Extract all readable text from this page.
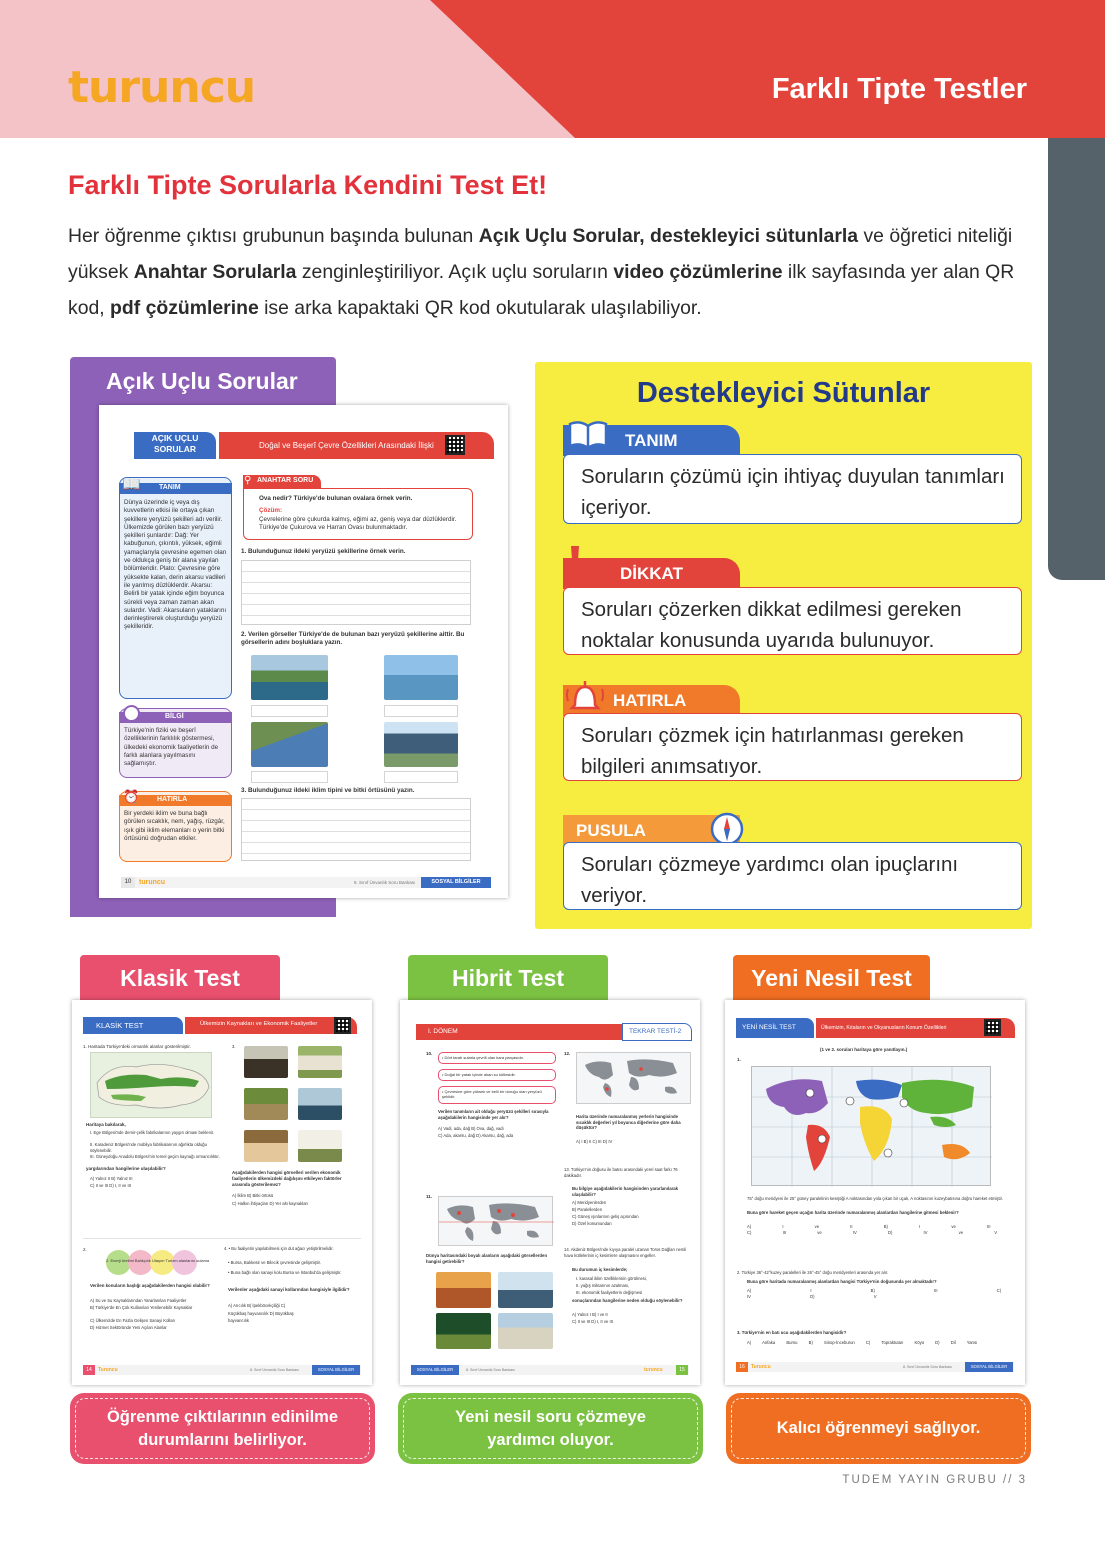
turuncu	Farklı Tipte Testler
Farklı Tipte Sorularla Kendini Test Et!
Her öğrenme çıktısı grubunun başında bulunan Açık Uçlu Sorular, destekleyici sütunlarla ve öğretici niteliği yüksek Anahtar Sorularla zenginleştiriliyor. Açık uçlu soruların video çözümlerine ilk sayfasında yer alan QR kod, pdf çözümlerine ise arka kapaktaki QR kod okutularak ulaşılabiliyor.
Açık Uçlu Sorular
AÇIK UÇLU SORULAR	Doğal ve Beşerî Çevre Özellikleri Arasındaki İlişki
📖	TANIM
Dünya üzerinde iç veya dış kuvvetlerin etkisi ile ortaya çıkan şekillere yeryüzü şekilleri adı verilir. Ülkemizde görülen bazı yeryüzü şekilleri şunlardır: Dağ: Yer kabuğunun, çıkıntılı, yüksek, eğimli yamaçlarıyla çevresine egemen olan ve oldukça geniş bir alana yayılan bölümleridir. Plato: Çevresine göre yüksekte kalan, derin akarsu vadileri ile yarılmış düzlüklerdir. Akarsu: Belirli bir yatak içinde eğim boyunca sürekli veya zaman zaman akan sulardır. Vadi: Akarsuların yataklarını derinleştirerek oluşturduğu yeryüzü şekilleridir.
BİLGİ
Türkiye'nin fiziki ve beşerî özelliklerinin farklılık göstermesi, ülkedeki ekonomik faaliyetlerin de farklı alanlara yayılmasını sağlamıştır.
⏰	HATIRLA
Bir yerdeki iklim ve buna bağlı görülen sıcaklık, nem, yağış, rüzgâr, ışık gibi iklim elemanları o yerin bitki örtüsünü doğrudan etkiler.
⚲ ANAHTAR SORU
Ova nedir? Türkiye'de bulunan ovalara örnek verin.
Çözüm:
Çevrelerine göre çukurda kalmış, eğimi az, geniş veya dar düzlüklerdir. Türkiye'de Çukurova ve Harran Ovası bulunmaktadır.
1. Bulunduğunuz ildeki yeryüzü şekillerine örnek verin.
2. Verilen görseller Türkiye'de de bulunan bazı yeryüzü şekillerine aittir. Bu görsellerin adını boşluklara yazın.
3. Bulunduğunuz ildeki iklim tipini ve bitki örtüsünü yazın.
10	turuncu	8. Sınıf Ünvanlık Soru Bankası	SOSYAL BİLGİLER
Destekleyici Sütunlar
TANIM
Soruların çözümü için ihtiyaç duyulan tanımları içeriyor.
DİKKAT
Soruları çözerken dikkat edilmesi gereken noktalar konusunda uyarıda bulunuyor.
HATIRLA
Soruları çözmek için hatırlanması gereken bilgileri anımsatıyor.
PUSULA
Soruları çözmeye yardımcı olan ipuçlarını veriyor.
Klasik Test
KLASİK TEST	Ülkemizin Kaynakları ve Ekonomik Faaliyetler
1. Haritada Türkiye'deki ormanlık alanlar gösterilmiştir.
Haritaya bakılarak,
I. Ege Bölgesi'nde demir-çelik fabrikalarının yaygın olması beklenir.
II. Karadeniz Bölgesi'nde mobilya fabrikalarının ağırlıkta olduğu söylenebilir.
III. Güneydoğu Anadolu Bölgesi'nin temel geçim kaynağı ormancılıktır.
yargılarından hangilerine ulaşılabilir?
A) Yalnız II B) Yalnız III
C) II ve III D) I, II ve III
3.
Aşağıdakilerden hangisi görselleri verilen ekonomik faaliyetlerin ülkemizdeki dağılışını etkileyen faktörler arasında gösterilemez?
A) İklim B) Bitki örtüsü
C) Halkın ihtiyaçları D) Yer altı kaynakları
2.
2. Enerji üretimi Balıkçılık Ulaşım Turizm alanlarını sulama
Verilen konuların başlığı aşağıdakilerden hangisi olabilir?
A) Su ve Su Kaynaklarından Yararlanılan Faaliyetler
B) Türkiye'de En Çok Kullanılan Yenilenebilir Kaynaklar
C) Ülkemizde En Fazla Gelişen Sanayi Kolları
D) Hizmet Sektöründe Yeni Açılan Alanlar
4. • Bu faaliyetin yapılabilmesi için dut ağacı yetiştirilmelidir.
• Bursa, Balıkesir ve Bilecik çevresinde gelişmiştir.
• Buna bağlı olan sanayi kolu Bursa ve İstanbul'da gelişmiştir.
Verilenler aşağıdaki sanayi kollarından hangisiyle ilgilidir?
A) Arıcılık B) İpekböcekçiliği C) Küçükbaş hayvancılık D) Büyükbaş hayvancılık
14	Turuncu	8. Sınıf Ünvanlık Soru Bankası	SOSYAL BİLGİLER
Öğrenme çıktılarının edinilme durumlarını belirliyor.
Hibrit Test
I. DÖNEM	TEKRAR TESTİ-2
10.
• Dört tarafı sularla çevrili olan kara parçasıdır.
• Doğal bir yatak içinde akan su kütlesidir.
• Çevresine göre yüksek ve belli bir doruğu olan yeryüzü şeklidir.
Verilen tanımların ait olduğu yeryüzü şekilleri sırasıyla aşağıdakilerin hangisinde yer alır?
A) Vadi, ada, dağ B) Ova, dağ, vadi
C) Ada, akarsu, dağ D) Akarsu, dağ, ada
11.
Dünya haritasındaki boyalı alanların aşağıdaki görsellerden hangisi getirebilir?
12.
Harita üzerinde numaralanmış yerlerin hangisinde sıcaklık değerleri yıl boyunca diğerlerine göre daha düşüktür?
A) I B) II C) III D) IV
13. Türkiye'nin doğusu ile batısı arasındaki yerel saat farkı 76 dakikadır.
Bu bilgiye aşağıdakilerin hangisinden yararlanılarak ulaşılabilir?
A) Meridyenlerden
B) Paralellerden
C) Güneş ışınlarının geliş açısından
D) Özel konumundan
14. Akdeniz Bölgesi'nde kıyıya paralel uzanan Toros Dağları nemli hava kütlelerinin iç kesimlere ulaşmasını engeller.
Bu durumun iç kesimlerde;
I. karasal iklim özelliklerinin görülmesi,
II. yağış miktarının azalması,
III. ekonomik faaliyetlerin değişmesi
sonuçlarından hangilerine neden olduğu söylenebilir?
A) Yalnız I B) I ve II
C) II ve III D) I, II ve III
SOSYAL BİLGİLER	8. Sınıf Ünvanlık Soru Bankası	turuncu	15
Yeni nesil soru çözmeye yardımcı oluyor.
Yeni Nesil Test
YENİ NESİL TEST	Ülkemizin, Kıtaların ve Okyanusların Konum Özellikleri
(1 ve 2. soruları haritaya göre yanıtlayın.)
1.
75° doğu meridyeni ile 25° güney paralelinin kesiştiği A noktasından yola çıkan bir uçak, A noktasının kuzeybatısına doğru hareket etmiştir.
Buna göre hareket geçen uçağın harita üzerinde numaralanmış alanlardan hangilerine gitmesi beklenir?
A) I ve II B) I ve III C) III ve IV D) IV ve V
2. Türkiye 36°-42°kuzey paralelleri ile 26°-45° doğu meridyenleri arasında yer alır.
Buna göre haritada numaralanmış alanlardan hangisi Türkiye'nin doğusunda yer almaktadır?
A) I B) III C) IV D) V
3. Türkiye'nin en batı ucu aşağıdakilerden hangisidir?
A) Anfaka Burnu B) Sinop-İnceburun C) Topraktutan Köyü D) Dil Yarısı
16	Turuncu	8. Sınıf Ünvanlık Soru Bankası	SOSYAL BİLGİLER
Kalıcı öğrenmeyi sağlıyor.
TUDEM YAYIN GRUBU // 3
